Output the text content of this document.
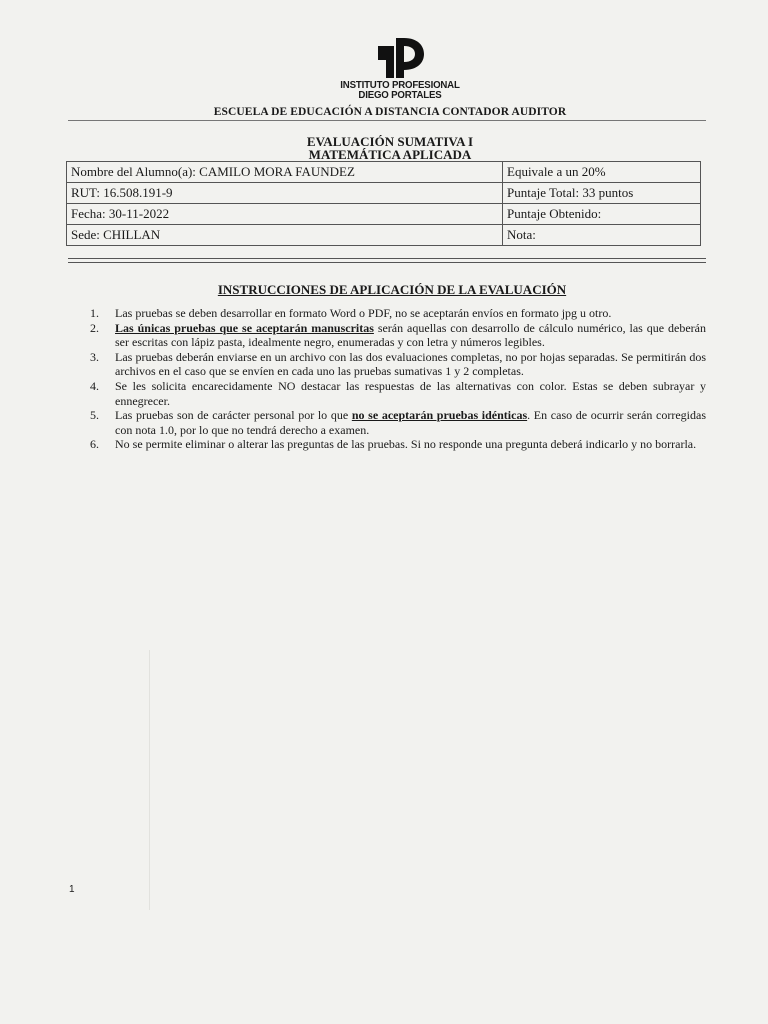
INSTITUTO PROFESIONAL
DIEGO PORTALES
ESCUELA DE EDUCACIÓN A DISTANCIA CONTADOR AUDITOR
EVALUACIÓN SUMATIVA I
MATEMÁTICA APLICADA
Nombre del Alumno(a): CAMILO MORA FAUNDEZ	Equivale a un 20%
RUT: 16.508.191-9	Puntaje Total: 33 puntos
Fecha: 30-11-2022	Puntaje Obtenido:
Sede: CHILLAN	Nota:
INSTRUCCIONES DE APLICACIÓN DE LA EVALUACIÓN
1. Las pruebas se deben desarrollar en formato Word o PDF, no se aceptarán envíos en formato jpg u otro.
2. Las únicas pruebas que se aceptarán manuscritas serán aquellas con desarrollo de cálculo numérico, las que deberán ser escritas con lápiz pasta, idealmente negro, enumeradas y con letra y números legibles.
3. Las pruebas deberán enviarse en un archivo con las dos evaluaciones completas, no por hojas separadas. Se permitirán dos archivos en el caso que se envíen en cada uno las pruebas sumativas 1 y 2 completas.
4. Se les solicita encarecidamente NO destacar las respuestas de las alternativas con color. Estas se deben subrayar y ennegrecer.
5. Las pruebas son de carácter personal por lo que no se aceptarán pruebas idénticas. En caso de ocurrir serán corregidas con nota 1.0, por lo que no tendrá derecho a examen.
6. No se permite eliminar o alterar las preguntas de las pruebas. Si no responde una pregunta deberá indicarlo y no borrarla.
1
